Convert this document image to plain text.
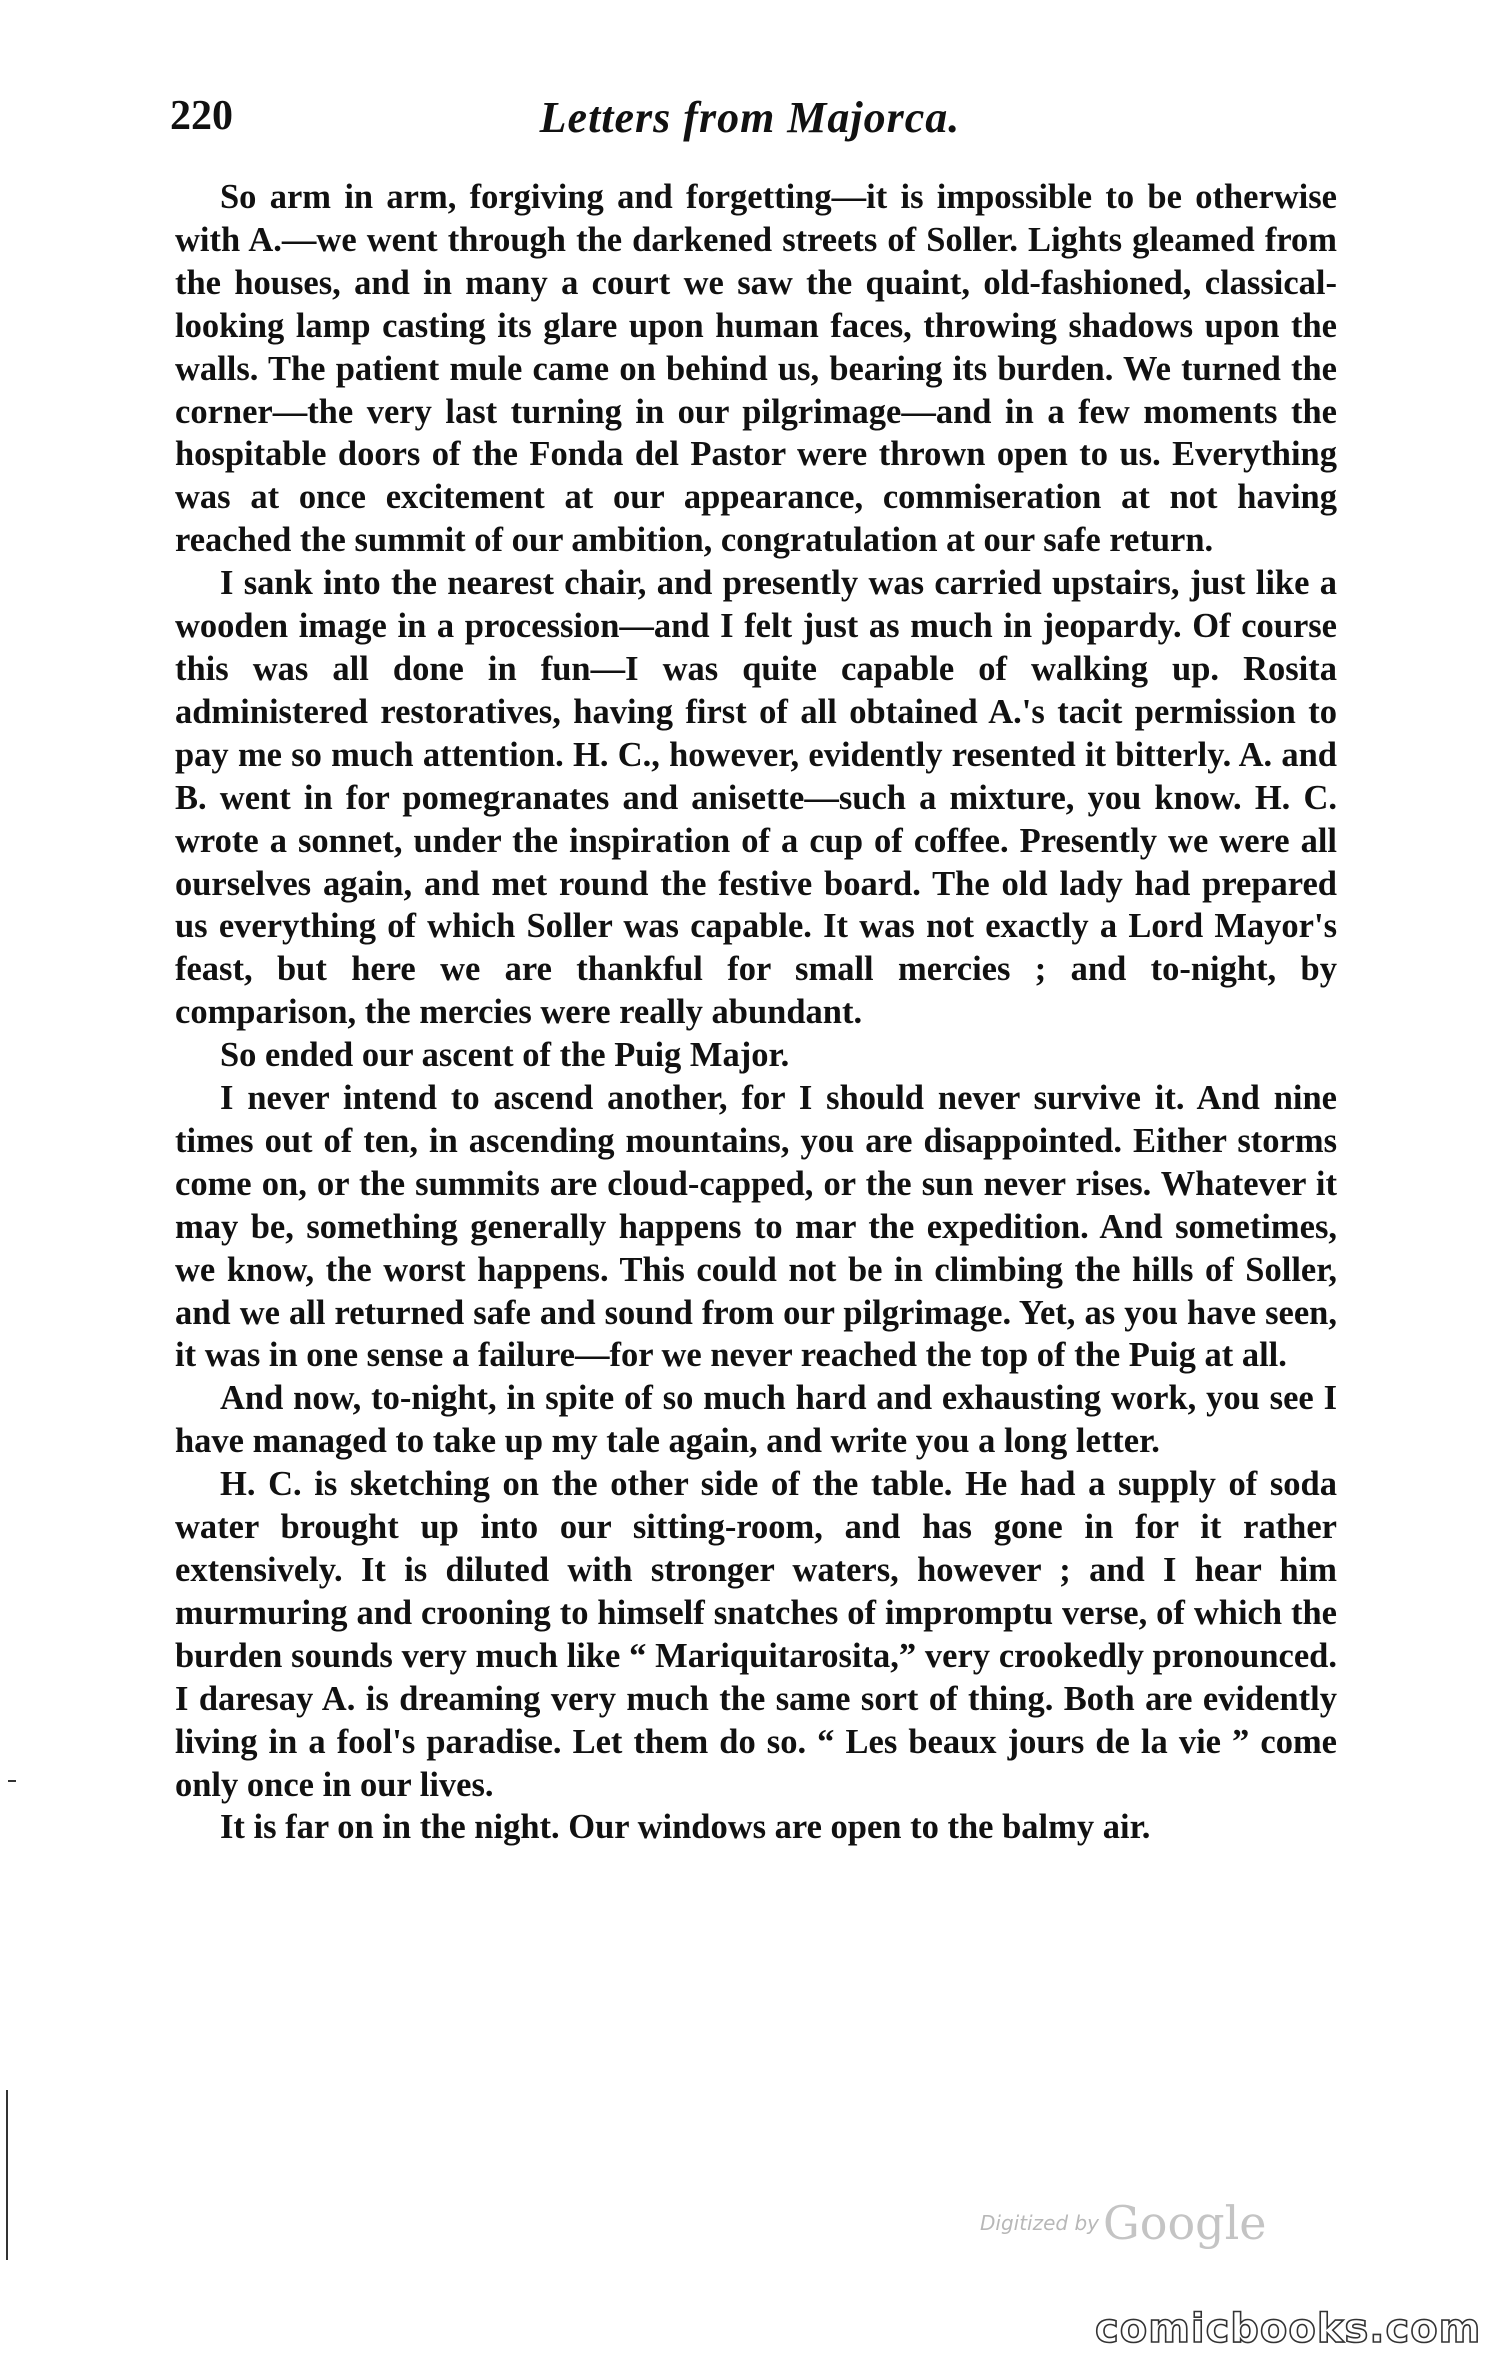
220	Letters from Majorca.

So arm in arm, forgiving and forgetting—it is impossible to be otherwise with A.—we went through the darkened streets of Soller. Lights gleamed from the houses, and in many a court we saw the quaint, old-fashioned, classical-looking lamp casting its glare upon human faces, throwing shadows upon the walls. The patient mule came on behind us, bearing its burden. We turned the corner—the very last turning in our pilgrimage—and in a few moments the hospitable doors of the Fonda del Pastor were thrown open to us. Everything was at once excitement at our appearance, commiseration at not having reached the summit of our ambition, congratulation at our safe return.

I sank into the nearest chair, and presently was carried upstairs, just like a wooden image in a procession—and I felt just as much in jeopardy. Of course this was all done in fun—I was quite capable of walking up. Rosita administered restoratives, having first of all obtained A.'s tacit permission to pay me so much attention. H. C., however, evidently resented it bitterly. A. and B. went in for pomegranates and anisette—such a mixture, you know. H. C. wrote a sonnet, under the inspiration of a cup of coffee. Presently we were all ourselves again, and met round the festive board. The old lady had prepared us everything of which Soller was capable. It was not exactly a Lord Mayor's feast, but here we are thankful for small mercies ; and to-night, by comparison, the mercies were really abundant.

So ended our ascent of the Puig Major.

I never intend to ascend another, for I should never survive it. And nine times out of ten, in ascending mountains, you are disappointed. Either storms come on, or the summits are cloud-capped, or the sun never rises. Whatever it may be, something generally happens to mar the expedition. And sometimes, we know, the worst happens. This could not be in climbing the hills of Soller, and we all returned safe and sound from our pilgrimage. Yet, as you have seen, it was in one sense a failure—for we never reached the top of the Puig at all.

And now, to-night, in spite of so much hard and exhausting work, you see I have managed to take up my tale again, and write you a long letter.

H. C. is sketching on the other side of the table. He had a supply of soda water brought up into our sitting-room, and has gone in for it rather extensively. It is diluted with stronger waters, however ; and I hear him murmuring and crooning to himself snatches of impromptu verse, of which the burden sounds very much like “ Mariquitarosita,” very crookedly pronounced. I daresay A. is dreaming very much the same sort of thing. Both are evidently living in a fool's paradise. Let them do so. “ Les beaux jours de la vie ” come only once in our lives.

It is far on in the night. Our windows are open to the balmy air.

Digitized by Google
comicbooks.com
